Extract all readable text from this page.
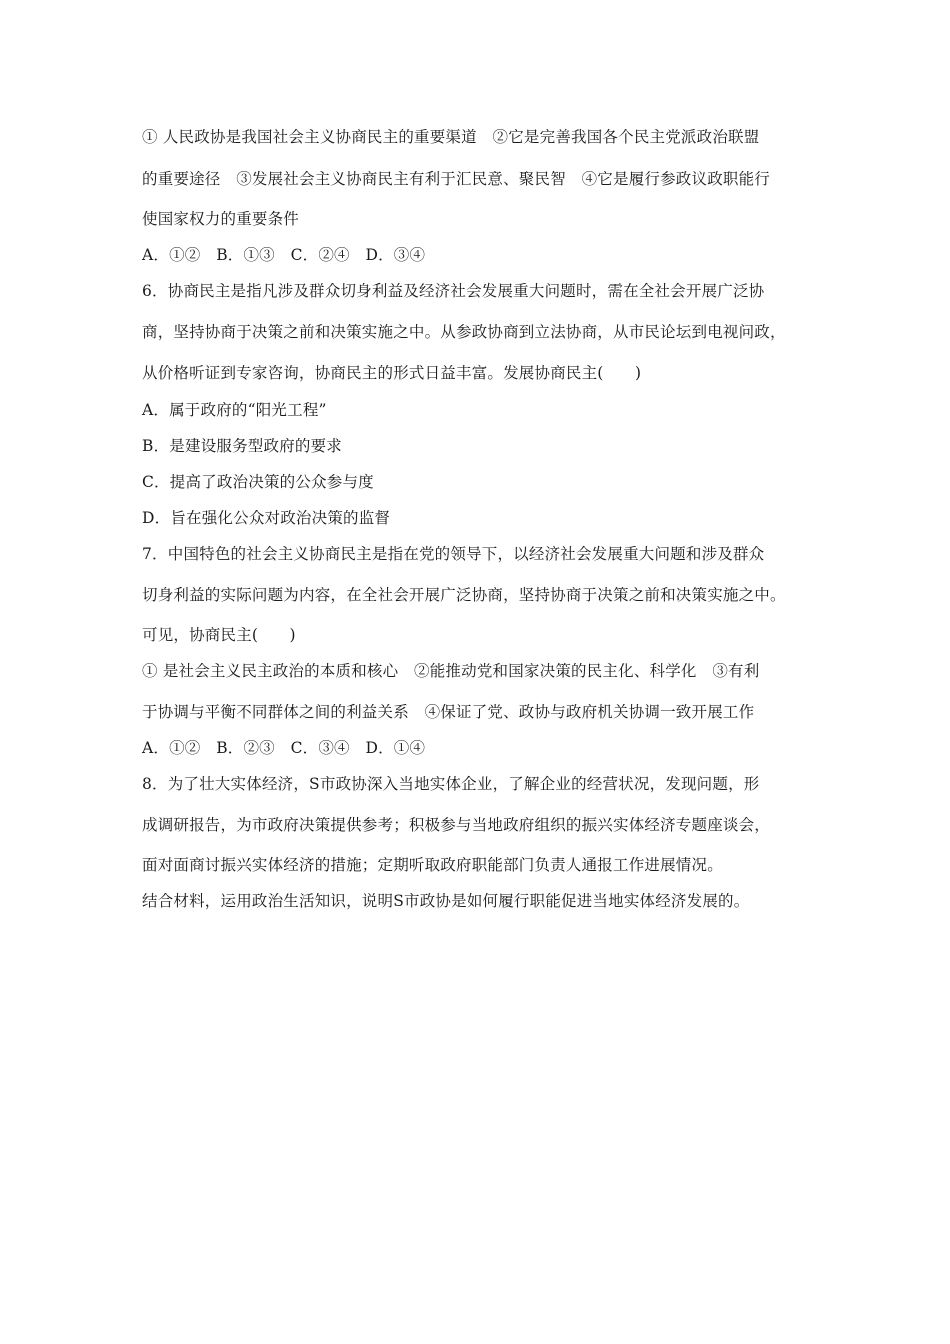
① 人民政协是我国社会主义协商民主的重要渠道　②它是完善我国各个民主党派政治联盟
的重要途径　③发展社会主义协商民主有利于汇民意、聚民智　④它是履行参政议政职能行
使国家权力的重要条件
A．①②　B．①③　C．②④　D．③④
6．协商民主是指凡涉及群众切身利益及经济社会发展重大问题时，需在全社会开展广泛协
商，坚持协商于决策之前和决策实施之中。从参政协商到立法协商，从市民论坛到电视问政，
从价格听证到专家咨询，协商民主的形式日益丰富。发展协商民主(　　)
A．属于政府的“阳光工程”
B．是建设服务型政府的要求
C．提高了政治决策的公众参与度
D．旨在强化公众对政治决策的监督
7．中国特色的社会主义协商民主是指在党的领导下，以经济社会发展重大问题和涉及群众
切身利益的实际问题为内容，在全社会开展广泛协商，坚持协商于决策之前和决策实施之中。
可见，协商民主(　　)
① 是社会主义民主政治的本质和核心　②能推动党和国家决策的民主化、科学化　③有利
于协调与平衡不同群体之间的利益关系　④保证了党、政协与政府机关协调一致开展工作
A．①②　B．②③　C．③④　D．①④
8．为了壮大实体经济，S市政协深入当地实体企业，了解企业的经营状况，发现问题，形
成调研报告，为市政府决策提供参考；积极参与当地政府组织的振兴实体经济专题座谈会，
面对面商讨振兴实体经济的措施；定期听取政府职能部门负责人通报工作进展情况。
结合材料，运用政治生活知识，说明S市政协是如何履行职能促进当地实体经济发展的。
